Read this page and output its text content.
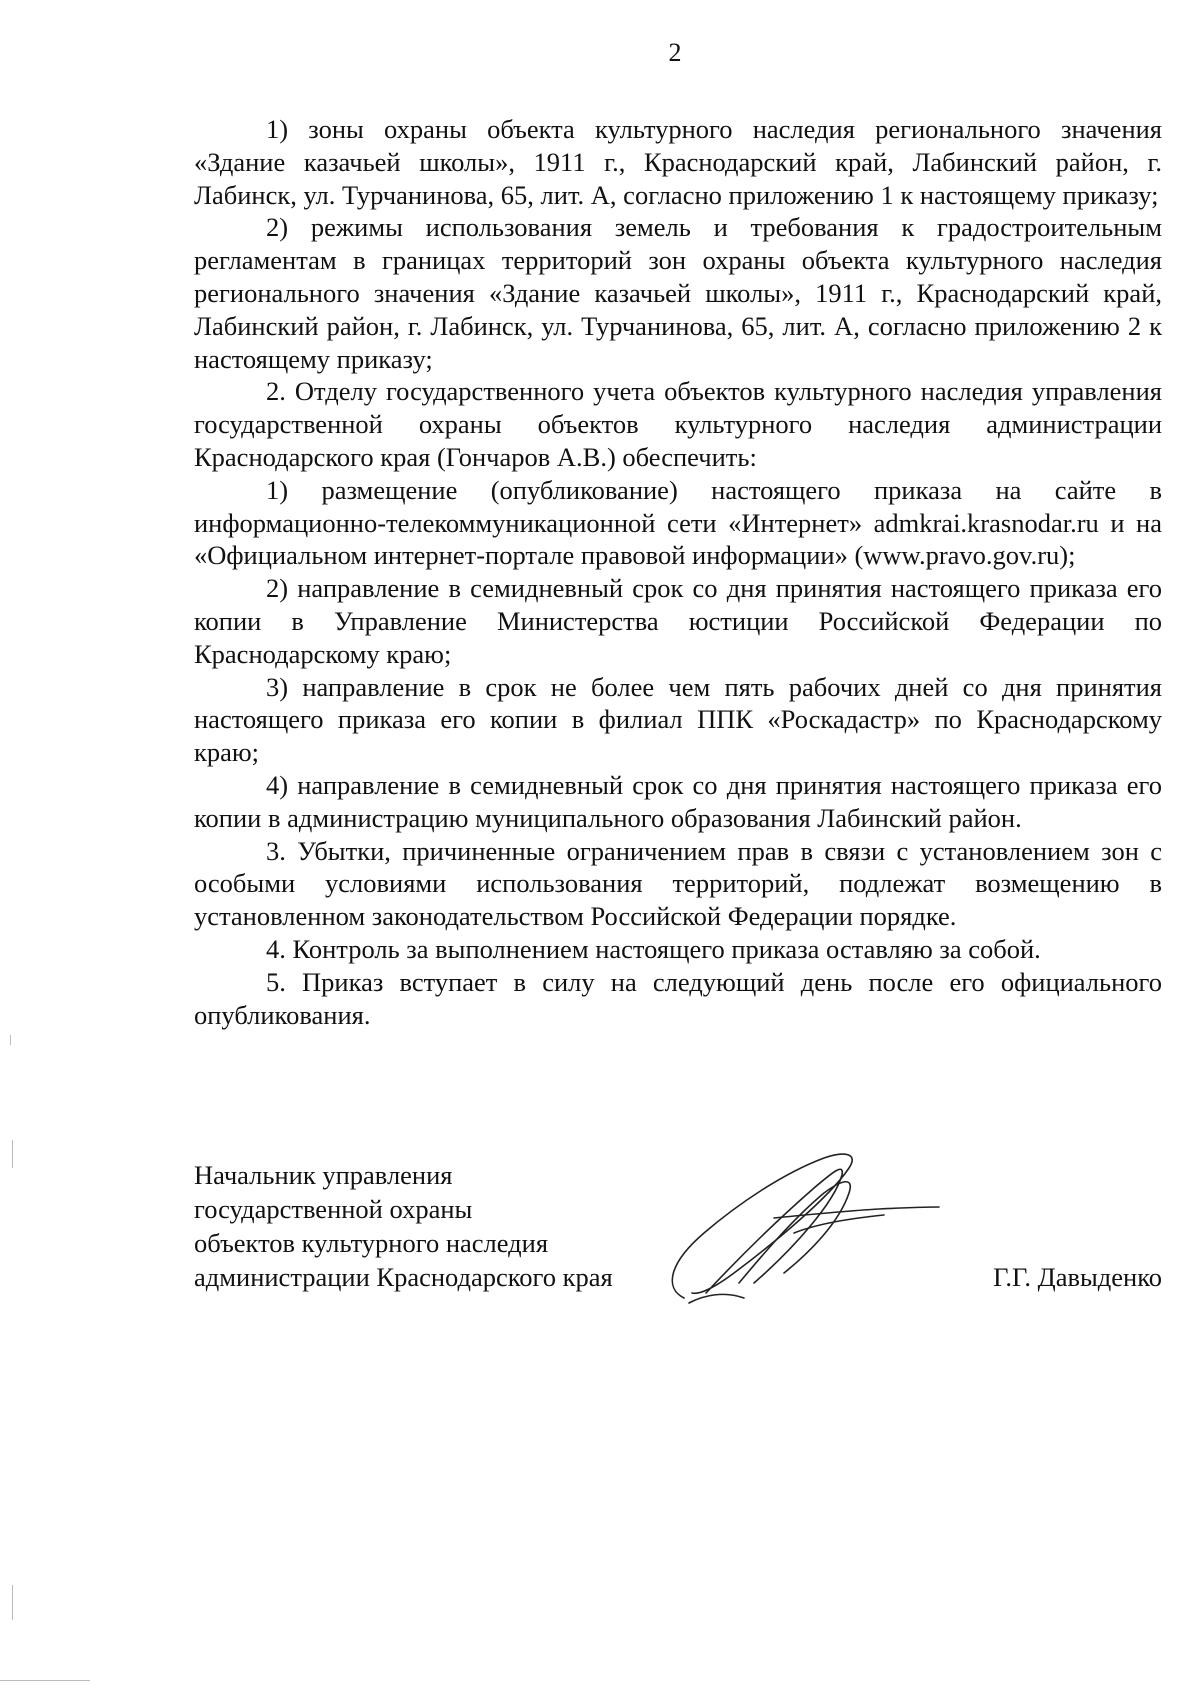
2

1) зоны охраны объекта культурного наследия регионального значения «Здание казачьей школы», 1911 г., Краснодарский край, Лабинский район, г. Лабинск, ул. Турчанинова, 65, лит. А, согласно приложению 1 к настоящему приказу;

2) режимы использования земель и требования к градостроительным регламентам в границах территорий зон охраны объекта культурного наследия регионального значения «Здание казачьей школы», 1911 г., Краснодарский край, Лабинский район, г. Лабинск, ул. Турчанинова, 65, лит. А, согласно приложению 2 к настоящему приказу;

2. Отделу государственного учета объектов культурного наследия управления государственной охраны объектов культурного наследия администрации Краснодарского края (Гончаров А.В.) обеспечить:

1) размещение (опубликование) настоящего приказа на сайте в информационно-телекоммуникационной сети «Интернет» admkrai.krasnodar.ru и на «Официальном интернет-портале правовой информации» (www.pravo.gov.ru);

2) направление в семидневный срок со дня принятия настоящего приказа его копии в Управление Министерства юстиции Российской Федерации по Краснодарскому краю;

3) направление в срок не более чем пять рабочих дней со дня принятия настоящего приказа его копии в филиал ППК «Роскадастр» по Краснодарскому краю;

4) направление в семидневный срок со дня принятия настоящего приказа его копии в администрацию муниципального образования Лабинский район.

3. Убытки, причиненные ограничением прав в связи с установлением зон с особыми условиями использования территорий, подлежат возмещению в установленном законодательством Российской Федерации порядке.

4. Контроль за выполнением настоящего приказа оставляю за собой.

5. Приказ вступает в силу на следующий день после его официального опубликования.

Начальник управления
государственной охраны
объектов культурного наследия
администрации Краснодарского края	Г.Г. Давыденко
